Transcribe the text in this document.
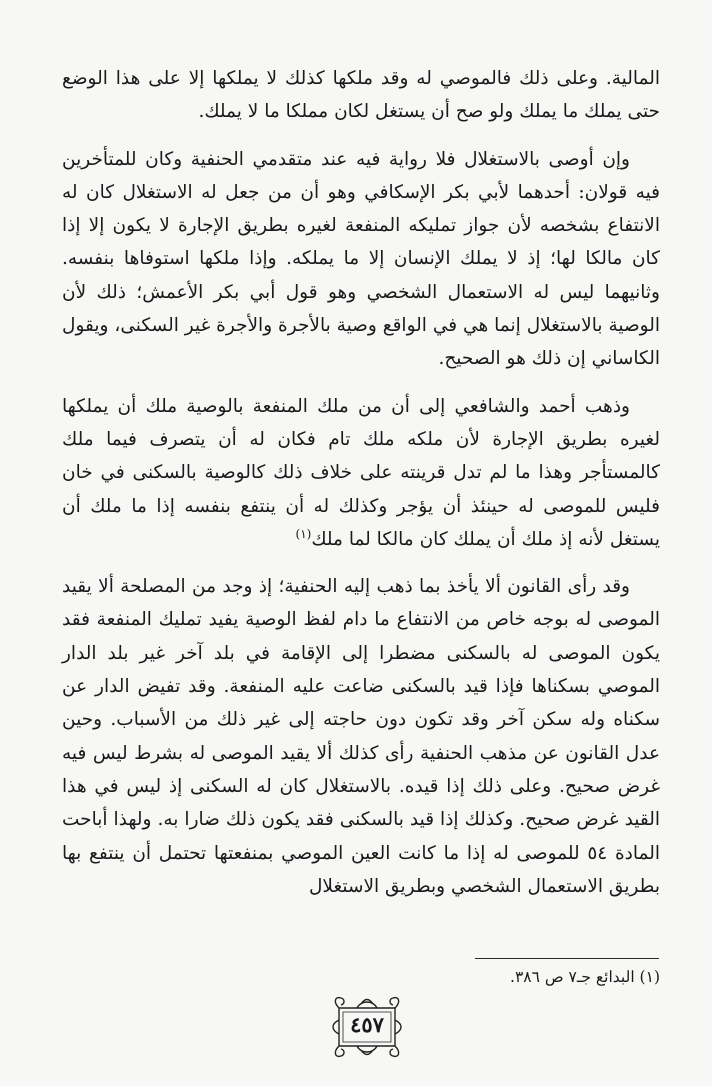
المالية. وعلى ذلك فالموصي له وقد ملكها كذلك لا يملكها إلا على هذا الوضع حتى يملك ما يملك ولو صح أن يستغل لكان مملكا ما لا يملك.

وإن أوصى بالاستغلال فلا رواية فيه عند متقدمي الحنفية وكان للمتأخرين فيه قولان: أحدهما لأبي بكر الإسكافي وهو أن من جعل له الاستغلال كان له الانتفاع بشخصه لأن جواز تمليكه المنفعة لغيره بطريق الإجارة لا يكون إلا إذا كان مالكا لها؛ إذ لا يملك الإنسان إلا ما يملكه. وإذا ملكها استوفاها بنفسه. وثانيهما ليس له الاستعمال الشخصي وهو قول أبي بكر الأعمش؛ ذلك لأن الوصية بالاستغلال إنما هي في الواقع وصية بالأجرة والأجرة غير السكنى، ويقول الكاساني إن ذلك هو الصحيح.

وذهب أحمد والشافعي إلى أن من ملك المنفعة بالوصية ملك أن يملكها لغيره بطريق الإجارة لأن ملكه ملك تام فكان له أن يتصرف فيما ملك كالمستأجر وهذا ما لم تدل قرينته على خلاف ذلك كالوصية بالسكنى في خان فليس للموصى له حينئذ أن يؤجر وكذلك له أن ينتفع بنفسه إذا ما ملك أن يستغل لأنه إذ ملك أن يملك كان مالكا لما ملك$^{(١)}$

وقد رأى القانون ألا يأخذ بما ذهب إليه الحنفية؛ إذ وجد من المصلحة ألا يقيد الموصى له بوجه خاص من الانتفاع ما دام لفظ الوصية يفيد تمليك المنفعة فقد يكون الموصى له بالسكنى مضطرا إلى الإقامة في بلد آخر غير بلد الدار الموصي بسكناها فإذا قيد بالسكنى ضاعت عليه المنفعة. وقد تفيض الدار عن سكناه وله سكن آخر وقد تكون دون حاجته إلى غير ذلك من الأسباب. وحين عدل القانون عن مذهب الحنفية رأى كذلك ألا يقيد الموصى له بشرط ليس فيه غرض صحيح. وعلى ذلك إذا قيده. بالاستغلال كان له السكنى إذ ليس في هذا القيد غرض صحيح. وكذلك إذا قيد بالسكنى فقد يكون ذلك ضارا به. ولهذا أباحت المادة ٥٤ للموصى له إذا ما كانت العين الموصي بمنفعتها تحتمل أن ينتفع بها بطريق الاستعمال الشخصي وبطريق الاستغلال

(١) البدائع جـ٧ ص ٣٨٦.
٤٥٧
